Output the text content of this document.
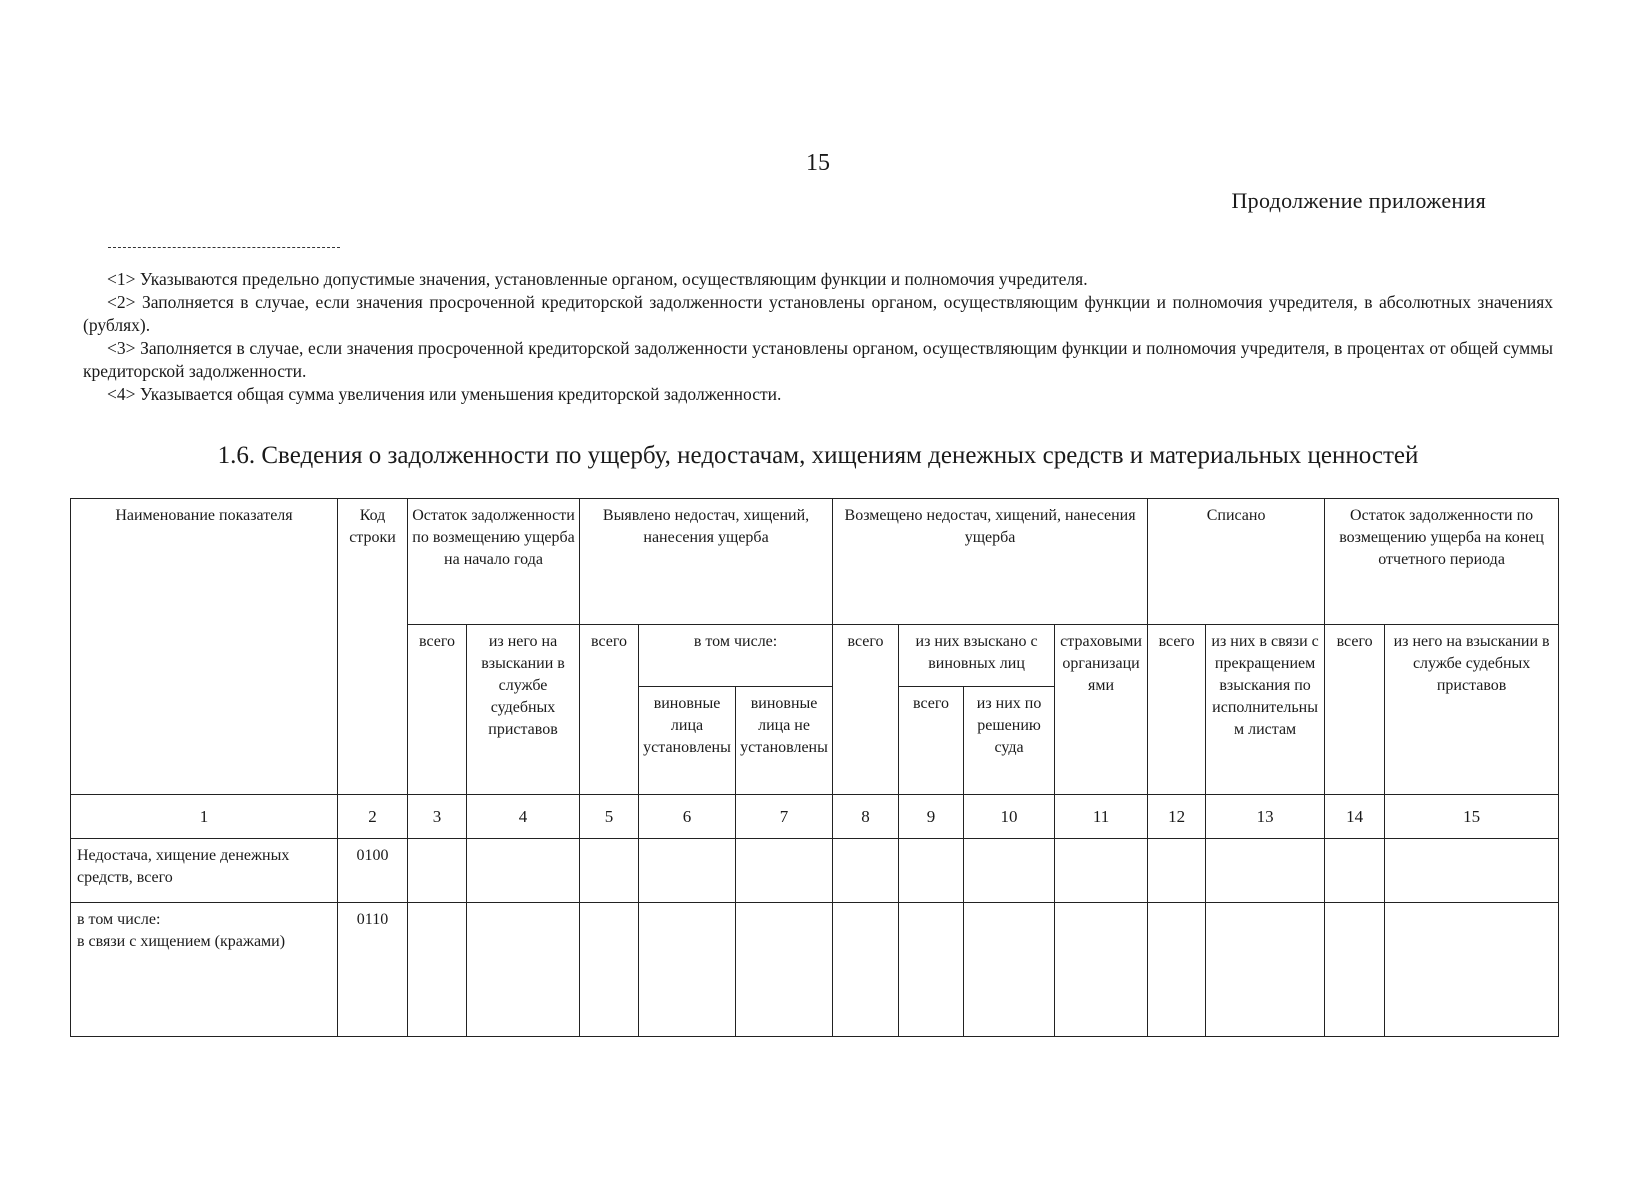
15
Продолжение приложения

<1> Указываются предельно допустимые значения, установленные органом, осуществляющим функции и полномочия учредителя.

<2> Заполняется в случае, если значения просроченной кредиторской задолженности установлены органом, осуществляющим функции и полномочия учредителя, в абсолютных значениях (рублях).

<3> Заполняется в случае, если значения просроченной кредиторской задолженности установлены органом, осуществляющим функции и полномочия учредителя, в процентах от общей суммы кредиторской задолженности.

<4> Указывается общая сумма увеличения или уменьшения кредиторской задолженности.

1.6. Сведения о задолженности по ущербу, недостачам, хищениям денежных средств и материальных ценностей
Наименование показателя	Код строки	Остаток задолженности по возмещению ущерба на начало года		Выявлено недостач, хищений, нанесения ущерба			Возмещено недостач, хищений, нанесения ущерба				Списано		Остаток задолженности по возмещению ущерба на конец отчетного периода	
		всего	из него на взыскании в службе судебных приставов	всего	в том числе:		всего	из них взыскано с виновных лиц		страховыми организациями	всего	из них в связи с прекращением взыскания по исполнительным листам	всего	из него на взыскании в службе судебных приставов
					виновные лица установлены	виновные лица не установлены		всего	из них по решению суда					
1	2	3	4	5	6	7	8	9	10	11	12	13	14	15
Недостача, хищение денежных средств, всего	0100													

в том числе:
в связи с хищением (кражами)	0110													
